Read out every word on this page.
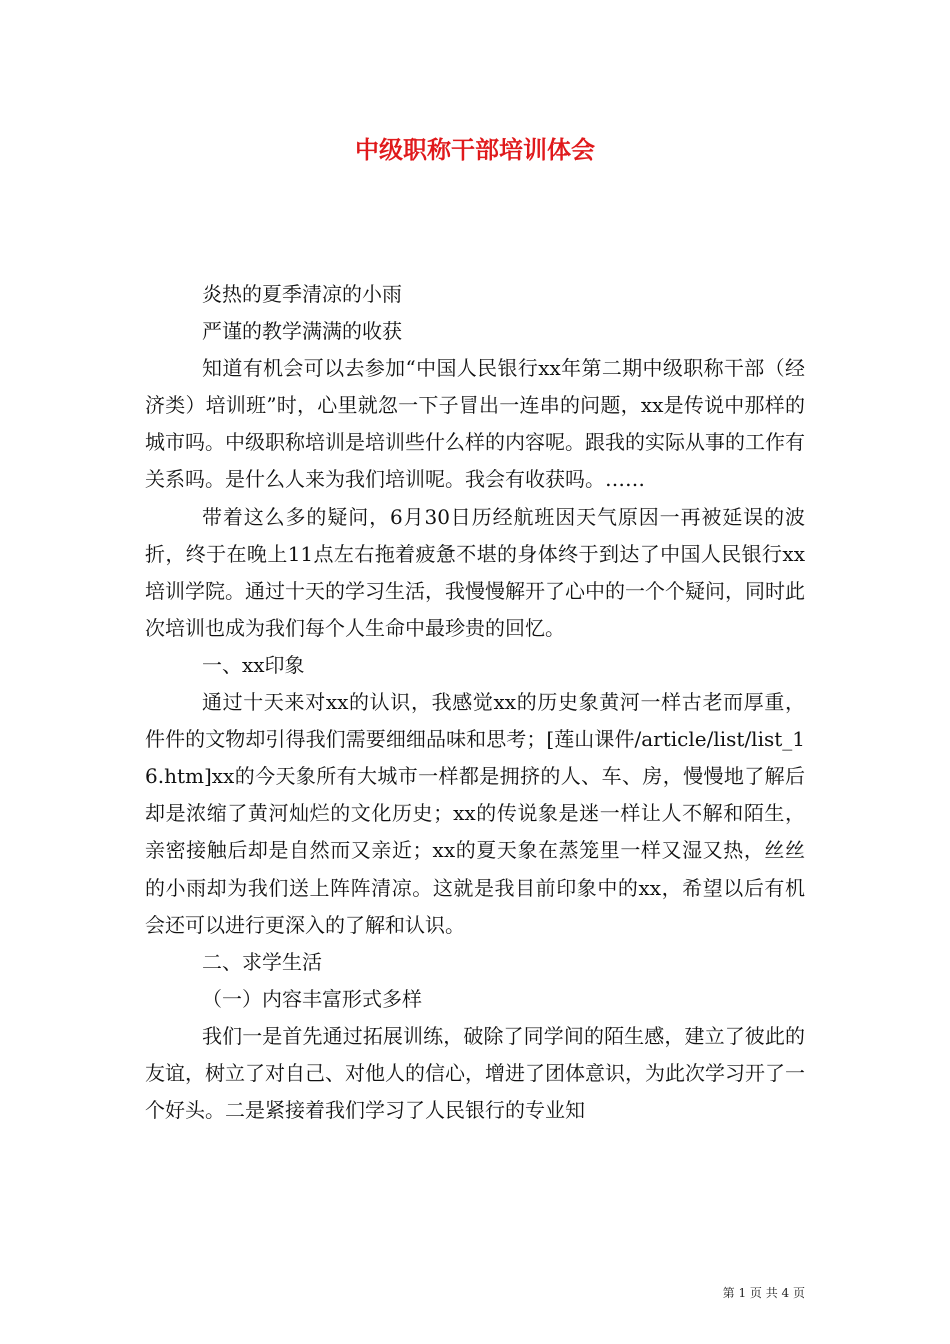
中级职称干部培训体会

炎热的夏季清凉的小雨

严谨的教学满满的收获

知道有机会可以去参加“中国人民银行xx年第二期中级职称干部（经济类）培训班”时，心里就忽一下子冒出一连串的问题，xx是传说中那样的城市吗。中级职称培训是培训些什么样的内容呢。跟我的实际从事的工作有关系吗。是什么人来为我们培训呢。我会有收获吗。……

带着这么多的疑问，6月30日历经航班因天气原因一再被延误的波折，终于在晚上11点左右拖着疲惫不堪的身体终于到达了中国人民银行xx培训学院。通过十天的学习生活，我慢慢解开了心中的一个个疑问，同时此次培训也成为我们每个人生命中最珍贵的回忆。

一、xx印象

通过十天来对xx的认识，我感觉xx的历史象黄河一样古老而厚重，件件的文物却引得我们需要细细品味和思考；[莲山课件/article/list/list_16.htm]xx的今天象所有大城市一样都是拥挤的人、车、房，慢慢地了解后却是浓缩了黄河灿烂的文化历史；xx的传说象是迷一样让人不解和陌生，亲密接触后却是自然而又亲近；xx的夏天象在蒸笼里一样又湿又热，丝丝的小雨却为我们送上阵阵清凉。这就是我目前印象中的xx，希望以后有机会还可以进行更深入的了解和认识。

二、求学生活

（一）内容丰富形式多样

我们一是首先通过拓展训练，破除了同学间的陌生感，建立了彼此的友谊，树立了对自己、对他人的信心，增进了团体意识，为此次学习开了一个好头。二是紧接着我们学习了人民银行的专业知

第 1 页 共 4 页
